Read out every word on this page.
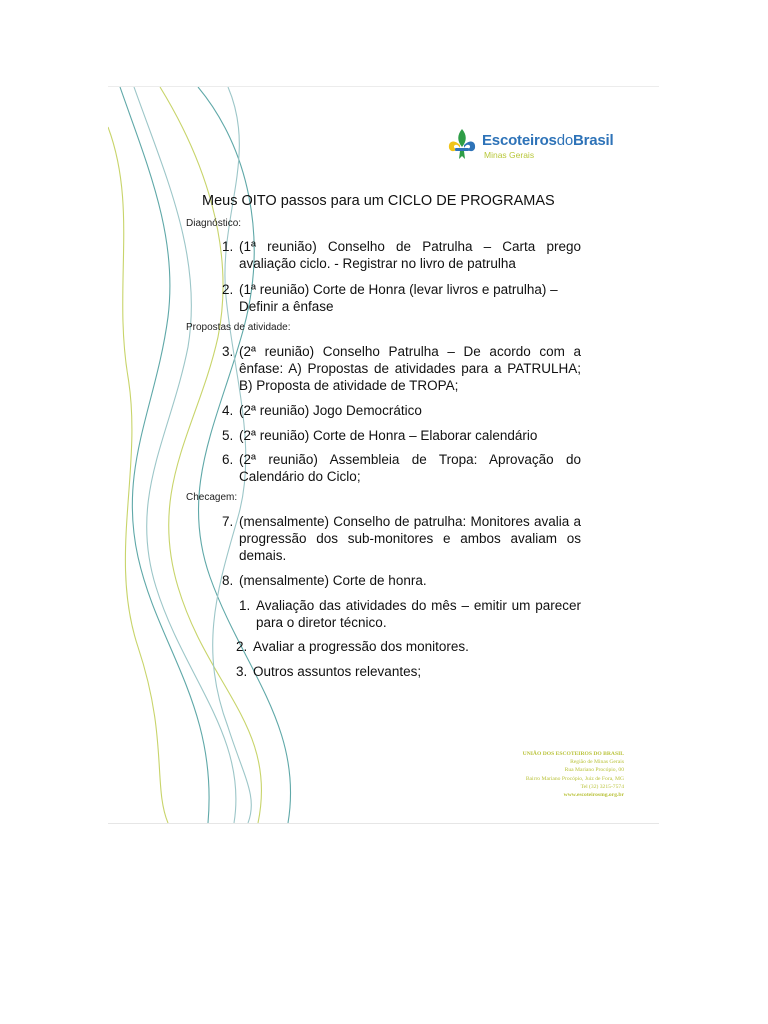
EscoteirosdoBrasil
Minas Gerais
Meus OITO passos para um CICLO DE PROGRAMAS
Diagnóstico:
1. (1ª reunião) Conselho de Patrulha – Carta prego avaliação ciclo. - Registrar no livro de patrulha
2. (1ª reunião) Corte de Honra (levar livros e patrulha) – Definir a ênfase
Propostas de atividade:
3. (2ª reunião) Conselho Patrulha – De acordo com a ênfase: A) Propostas de atividades para a PATRULHA; B) Proposta de atividade de TROPA;
4. (2ª reunião) Jogo Democrático
5. (2ª reunião) Corte de Honra – Elaborar calendário
6. (2ª reunião) Assembleia de Tropa: Aprovação do Calendário do Ciclo;
Checagem:
7. (mensalmente) Conselho de patrulha: Monitores avalia a progressão dos sub-monitores e ambos avaliam os demais.
8. (mensalmente) Corte de honra.
1. Avaliação das atividades do mês – emitir um parecer para o diretor técnico.
2. Avaliar a progressão dos monitores.
3. Outros assuntos relevantes;
UNIÃO DOS ESCOTEIROS DO BRASIL
Região de Minas Gerais
Rua Mariano Procópio, 00
Bairro Mariano Procópio, Juiz de Fora, MG
Tel (32) 3215-7574
www.escoteirosmg.org.br
